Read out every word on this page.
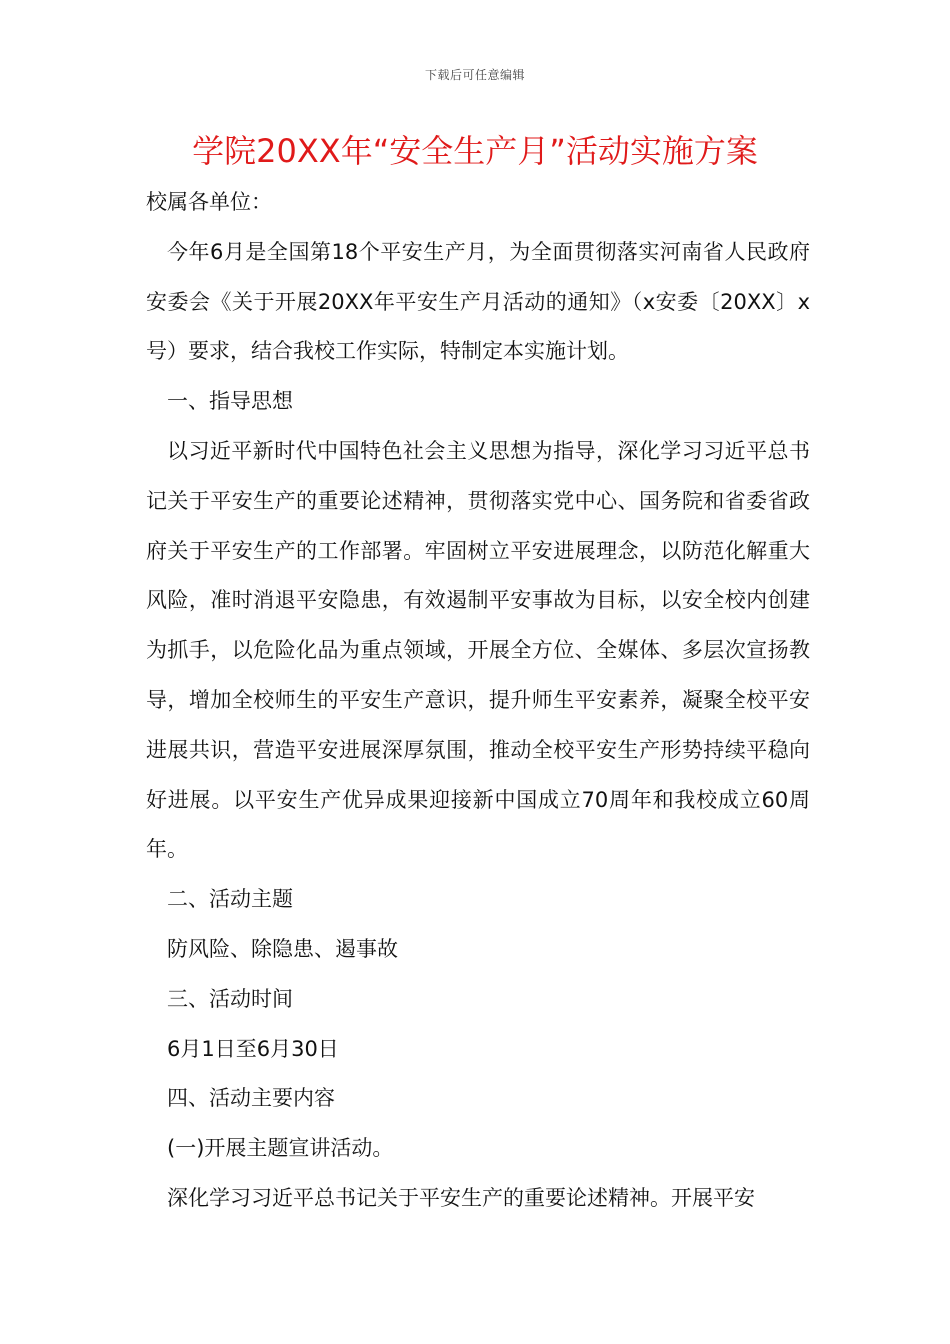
下载后可任意编辑
学院20XX年“安全生产月”活动实施方案

校属各单位：

今年6月是全国第18个平安生产月，为全面贯彻落实河南省人民政府安委会《关于开展20XX年平安生产月活动的通知》（x安委〔20XX〕x号）要求，结合我校工作实际，特制定本实施计划。

一、指导思想

以习近平新时代中国特色社会主义思想为指导，深化学习习近平总书记关于平安生产的重要论述精神，贯彻落实党中心、国务院和省委省政府关于平安生产的工作部署。牢固树立平安进展理念，以防范化解重大风险，准时消退平安隐患，有效遏制平安事故为目标，以安全校内创建为抓手，以危险化品为重点领域，开展全方位、全媒体、多层次宣扬教导，增加全校师生的平安生产意识，提升师生平安素养，凝聚全校平安进展共识，营造平安进展深厚氛围，推动全校平安生产形势持续平稳向好进展。以平安生产优异成果迎接新中国成立70周年和我校成立60周年。

二、活动主题

防风险、除隐患、遏事故

三、活动时间

6月1日至6月30日

四、活动主要内容

(一)开展主题宣讲活动。

深化学习习近平总书记关于平安生产的重要论述精神。开展平安
